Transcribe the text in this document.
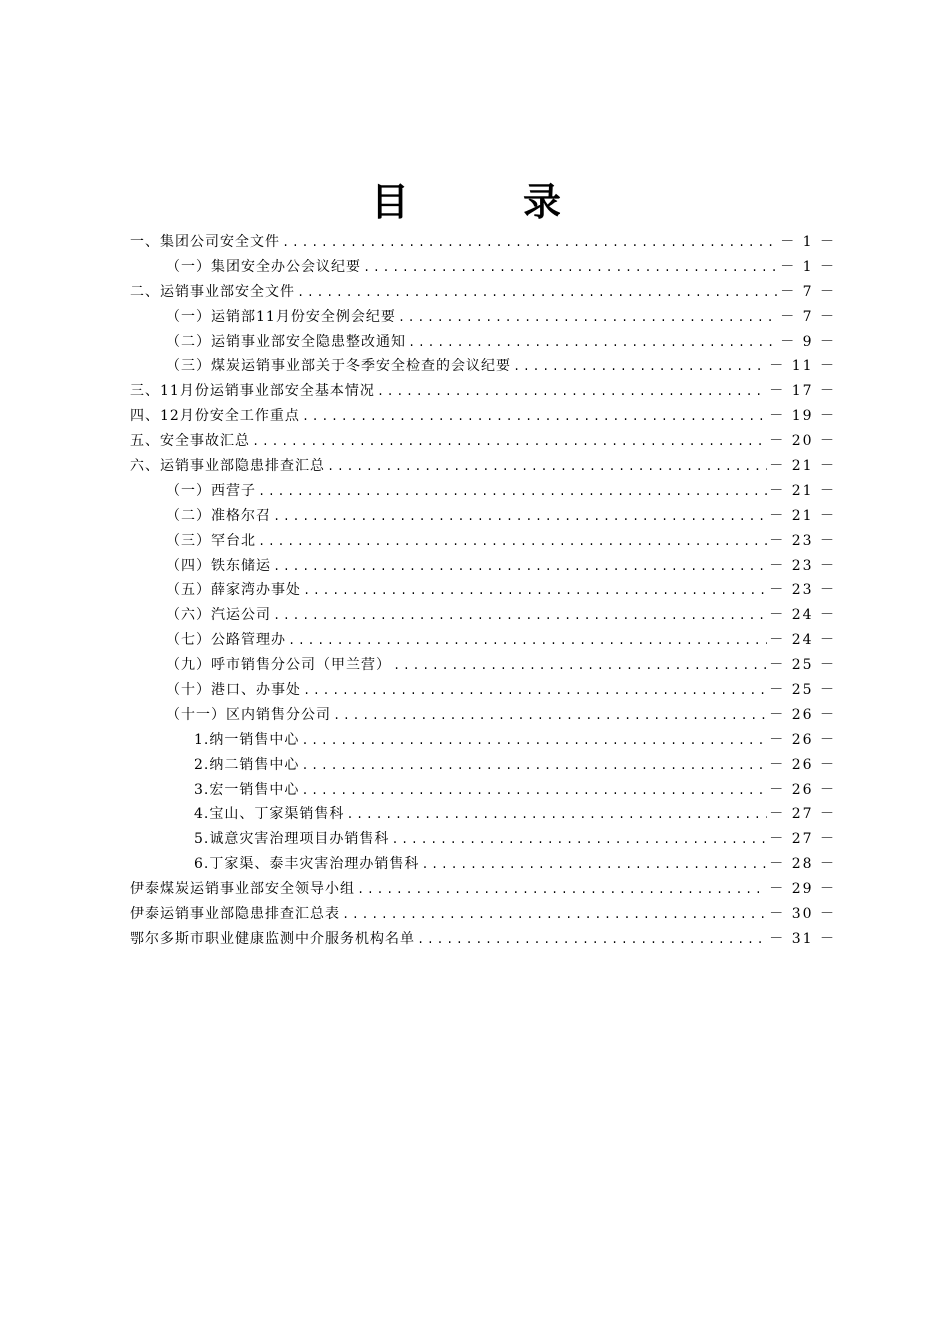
目　录
一、集团公司安全文件 .....	－ 1 －
（一）集团安全办公会议纪要 .....	－ 1 －
二、运销事业部安全文件 .....	－ 7 －
（一）运销部11月份安全例会纪要 .....	－ 7 －
（二）运销事业部安全隐患整改通知 .....	－ 9 －
（三）煤炭运销事业部关于冬季安全检查的会议纪要 .....	－ 11 －
三、11月份运销事业部安全基本情况 .....	－ 17 －
四、12月份安全工作重点 .....	－ 19 －
五、安全事故汇总 .....	－ 20 －
六、运销事业部隐患排查汇总 .....	－ 21 －
（一）西营子 .....	－ 21 －
（二）准格尔召 .....	－ 21 －
（三）罕台北 .....	－ 23 －
（四）铁东储运 .....	－ 23 －
（五）薛家湾办事处 .....	－ 23 －
（六）汽运公司 .....	－ 24 －
（七）公路管理办 .....	－ 24 －
（九）呼市销售分公司（甲兰营） .....	－ 25 －
（十）港口、办事处 .....	－ 25 －
（十一）区内销售分公司 .....	－ 26 －
1.纳一销售中心 .....	－ 26 －
2.纳二销售中心 .....	－ 26 －
3.宏一销售中心 .....	－ 26 －
4.宝山、丁家渠销售科 .....	－ 27 －
5.诚意灾害治理项目办销售科 .....	－ 27 －
6.丁家渠、泰丰灾害治理办销售科 .....	－ 28 －
伊泰煤炭运销事业部安全领导小组 .....	－ 29 －
伊泰运销事业部隐患排查汇总表 .....	－ 30 －
鄂尔多斯市职业健康监测中介服务机构名单 .....	－ 31 －
